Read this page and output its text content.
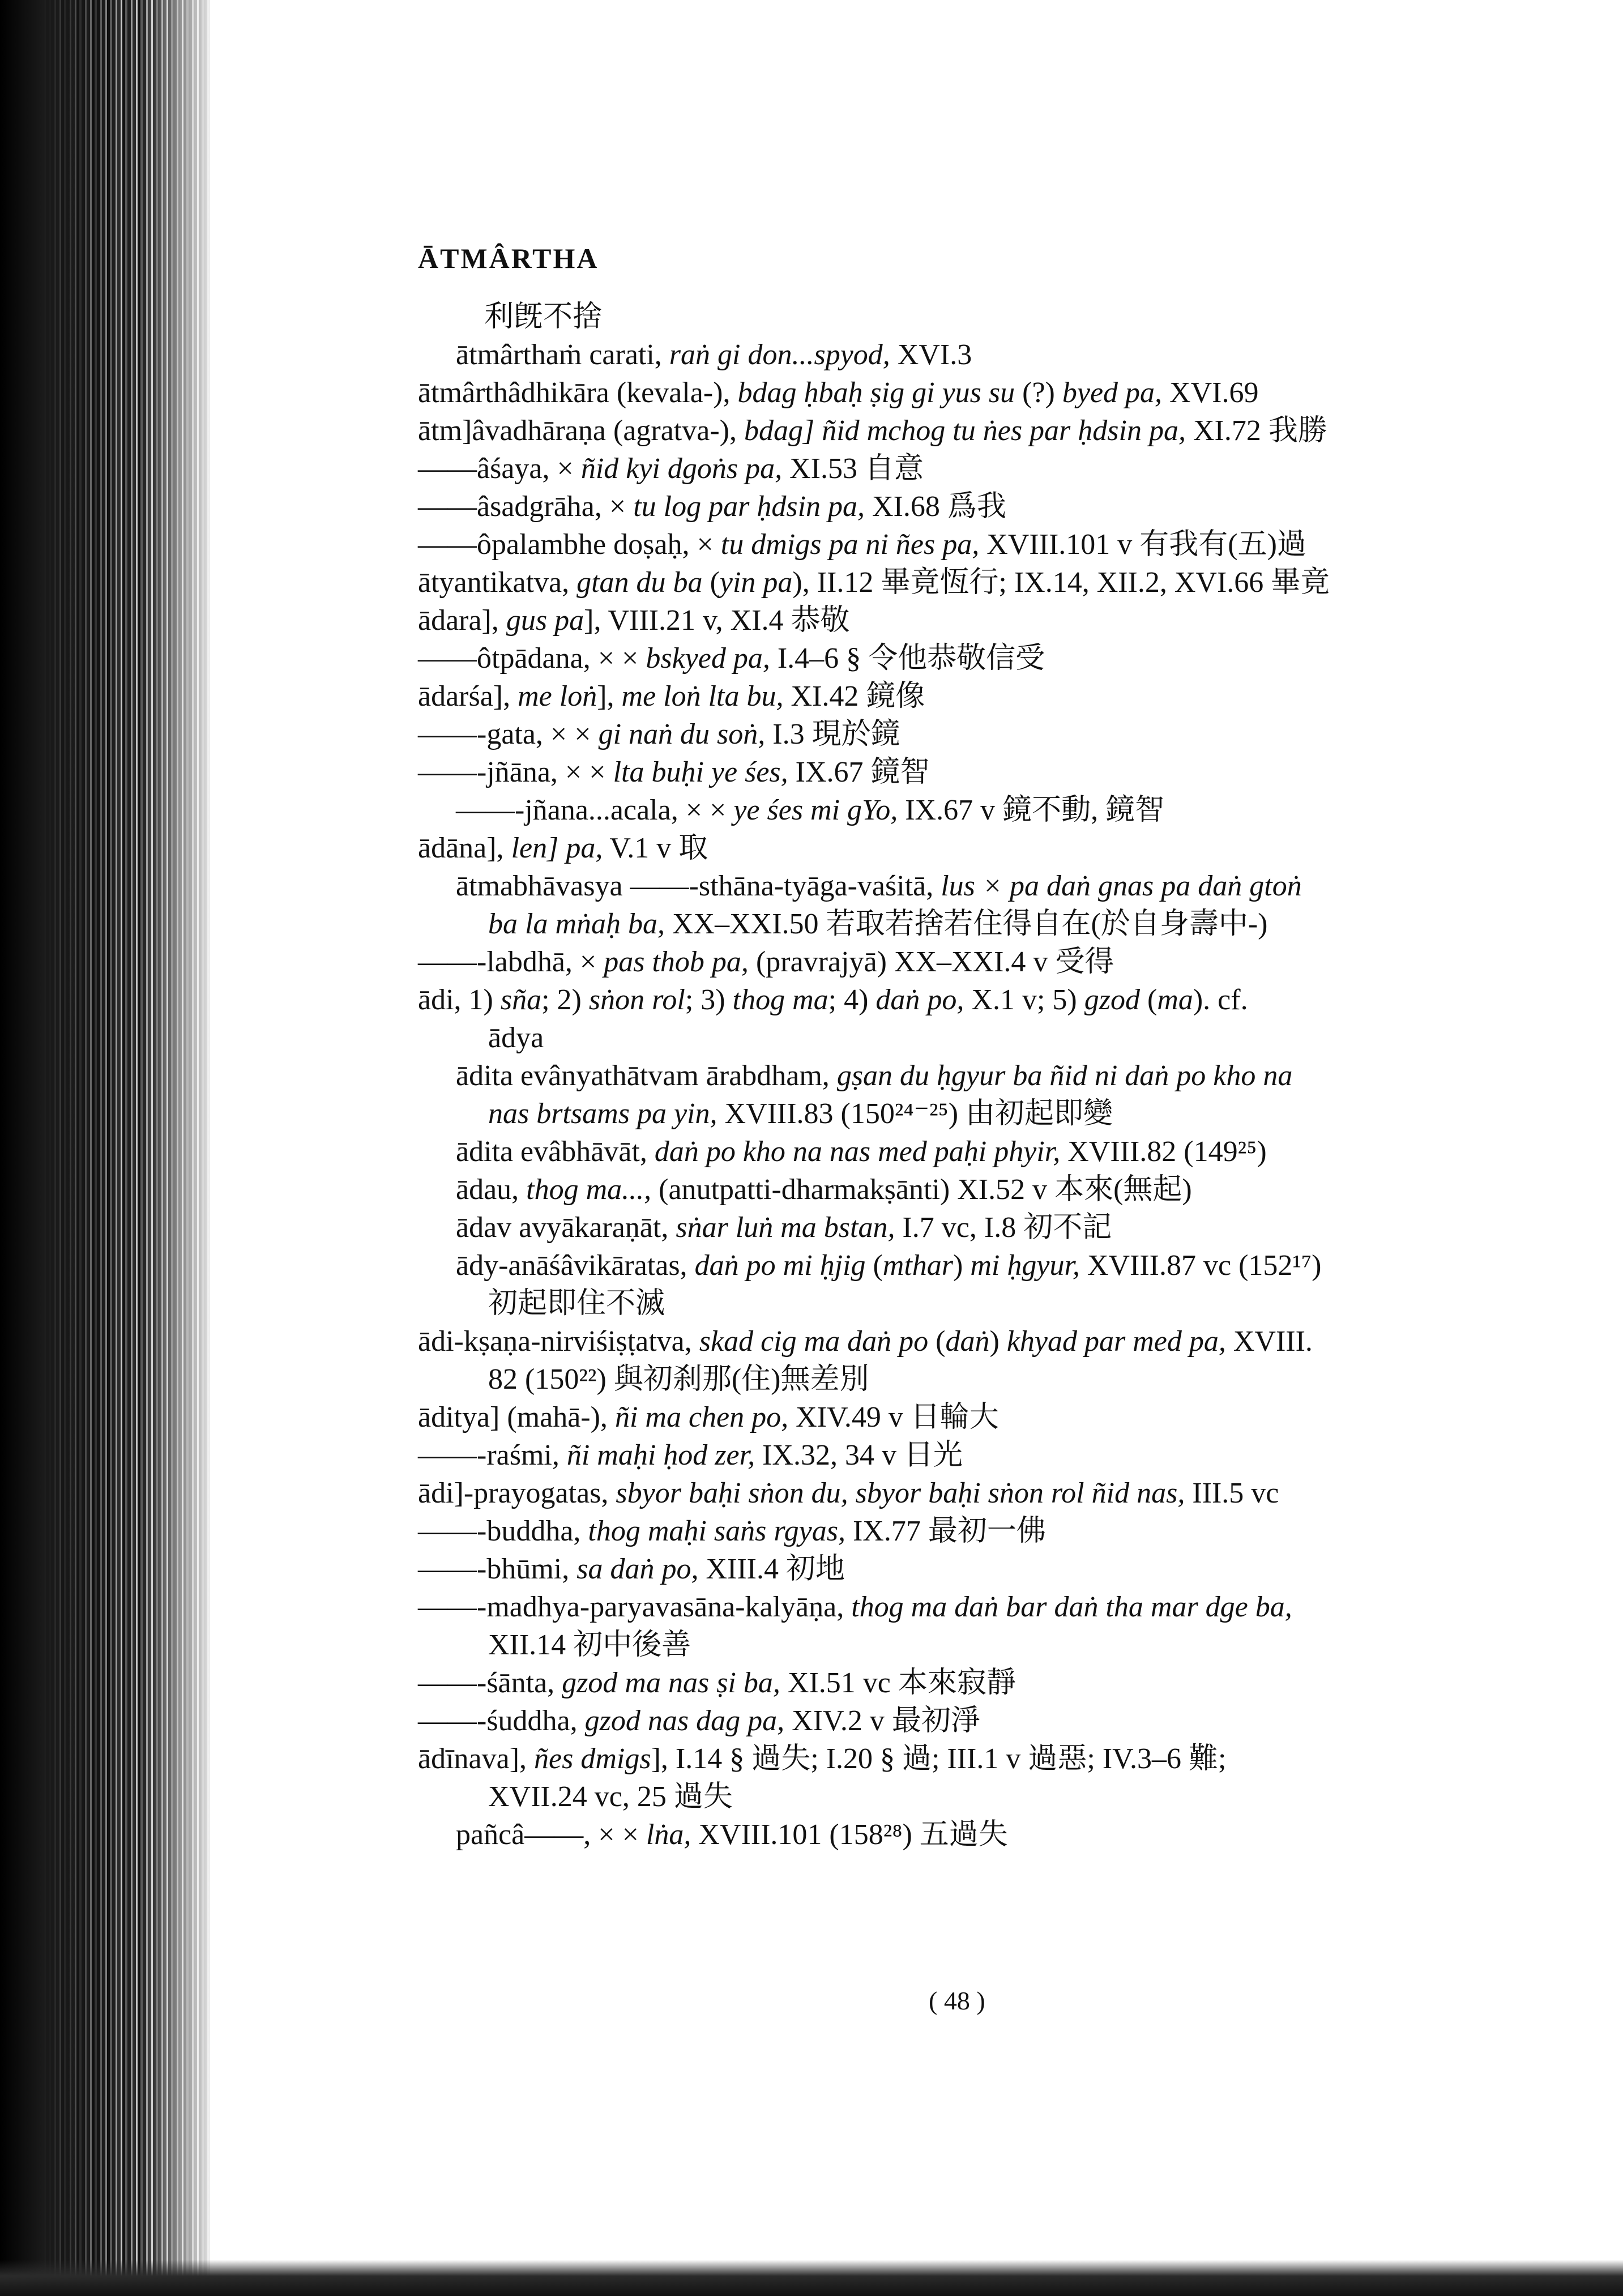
ĀTMÂRTHA
利旣不捨
ātmârthaṁ carati, raṅ gi don...spyod, XVI.3
ātmârthâdhikāra (kevala-), bdag ḥbaḥ ṣig gi yus su (?) byed pa, XVI.69
ātm]âvadhāraṇa (agratva-), bdag] ñid mchog tu ṅes par ḥdsin pa, XI.72 我勝
——âśaya, × ñid kyi dgoṅs pa, XI.53 自意
——âsadgrāha, × tu log par ḥdsin pa, XI.68 爲我
——ôpalambhe doṣaḥ, × tu dmigs pa ni ñes pa, XVIII.101 v 有我有(五)過
ātyantikatva, gtan du ba (yin pa), II.12 畢竟恆行; IX.14, XII.2, XVI.66 畢竟
ādara], gus pa], VIII.21 v, XI.4 恭敬
——ôtpādana, × × bskyed pa, I.4–6 § 令他恭敬信受
ādarśa], me loṅ], me loṅ lta bu, XI.42 鏡像
——-gata, × × gi naṅ du soṅ, I.3 現於鏡
——-jñāna, × × lta buḥi ye śes, IX.67 鏡智
——-jñana...acala, × × ye śes mi gYo, IX.67 v 鏡不動, 鏡智
ādāna], len] pa, V.1 v 取
ātmabhāvasya ——-sthāna-tyāga-vaśitā, lus × pa daṅ gnas pa daṅ gtoṅ
ba la mṅaḥ ba, XX–XXI.50 若取若捨若住得自在(於自身壽中-)
——-labdhā, × pas thob pa, (pravrajyā) XX–XXI.4 v 受得
ādi, 1) sña; 2) sṅon rol; 3) thog ma; 4) daṅ po, X.1 v; 5) gzod (ma). cf.
ādya
ādita evânyathātvam ārabdham, gṣan du ḥgyur ba ñid ni daṅ po kho na
nas brtsams pa yin, XVIII.83 (150²⁴⁻²⁵) 由初起即變
ādita evâbhāvāt, daṅ po kho na nas med paḥi phyir, XVIII.82 (149²⁵)
ādau, thog ma..., (anutpatti-dharmakṣānti) XI.52 v 本來(無起)
ādav avyākaraṇāt, sṅar luṅ ma bstan, I.7 vc, I.8 初不記
ādy-anāśâvikāratas, daṅ po mi ḥjig (mthar) mi ḥgyur, XVIII.87 vc (152¹⁷)
初起即住不滅
ādi-kṣaṇa-nirviśiṣṭatva, skad cig ma daṅ po (daṅ) khyad par med pa, XVIII.
82 (150²²) 與初刹那(住)無差別
āditya] (mahā-), ñi ma chen po, XIV.49 v 日輪大
——-raśmi, ñi maḥi ḥod zer, IX.32, 34 v 日光
ādi]-prayogatas, sbyor baḥi sṅon du, sbyor baḥi sṅon rol ñid nas, III.5 vc
——-buddha, thog maḥi saṅs rgyas, IX.77 最初一佛
——-bhūmi, sa daṅ po, XIII.4 初地
——-madhya-paryavasāna-kalyāṇa, thog ma daṅ bar daṅ tha mar dge ba,
XII.14 初中後善
——-śānta, gzod ma nas ṣi ba, XI.51 vc 本來寂靜
——-śuddha, gzod nas dag pa, XIV.2 v 最初淨
ādīnava], ñes dmigs], I.14 § 過失; I.20 § 過; III.1 v 過惡; IV.3–6 難;
XVII.24 vc, 25 過失
pañcâ——, × × lṅa, XVIII.101 (158²⁸) 五過失
( 48 )
